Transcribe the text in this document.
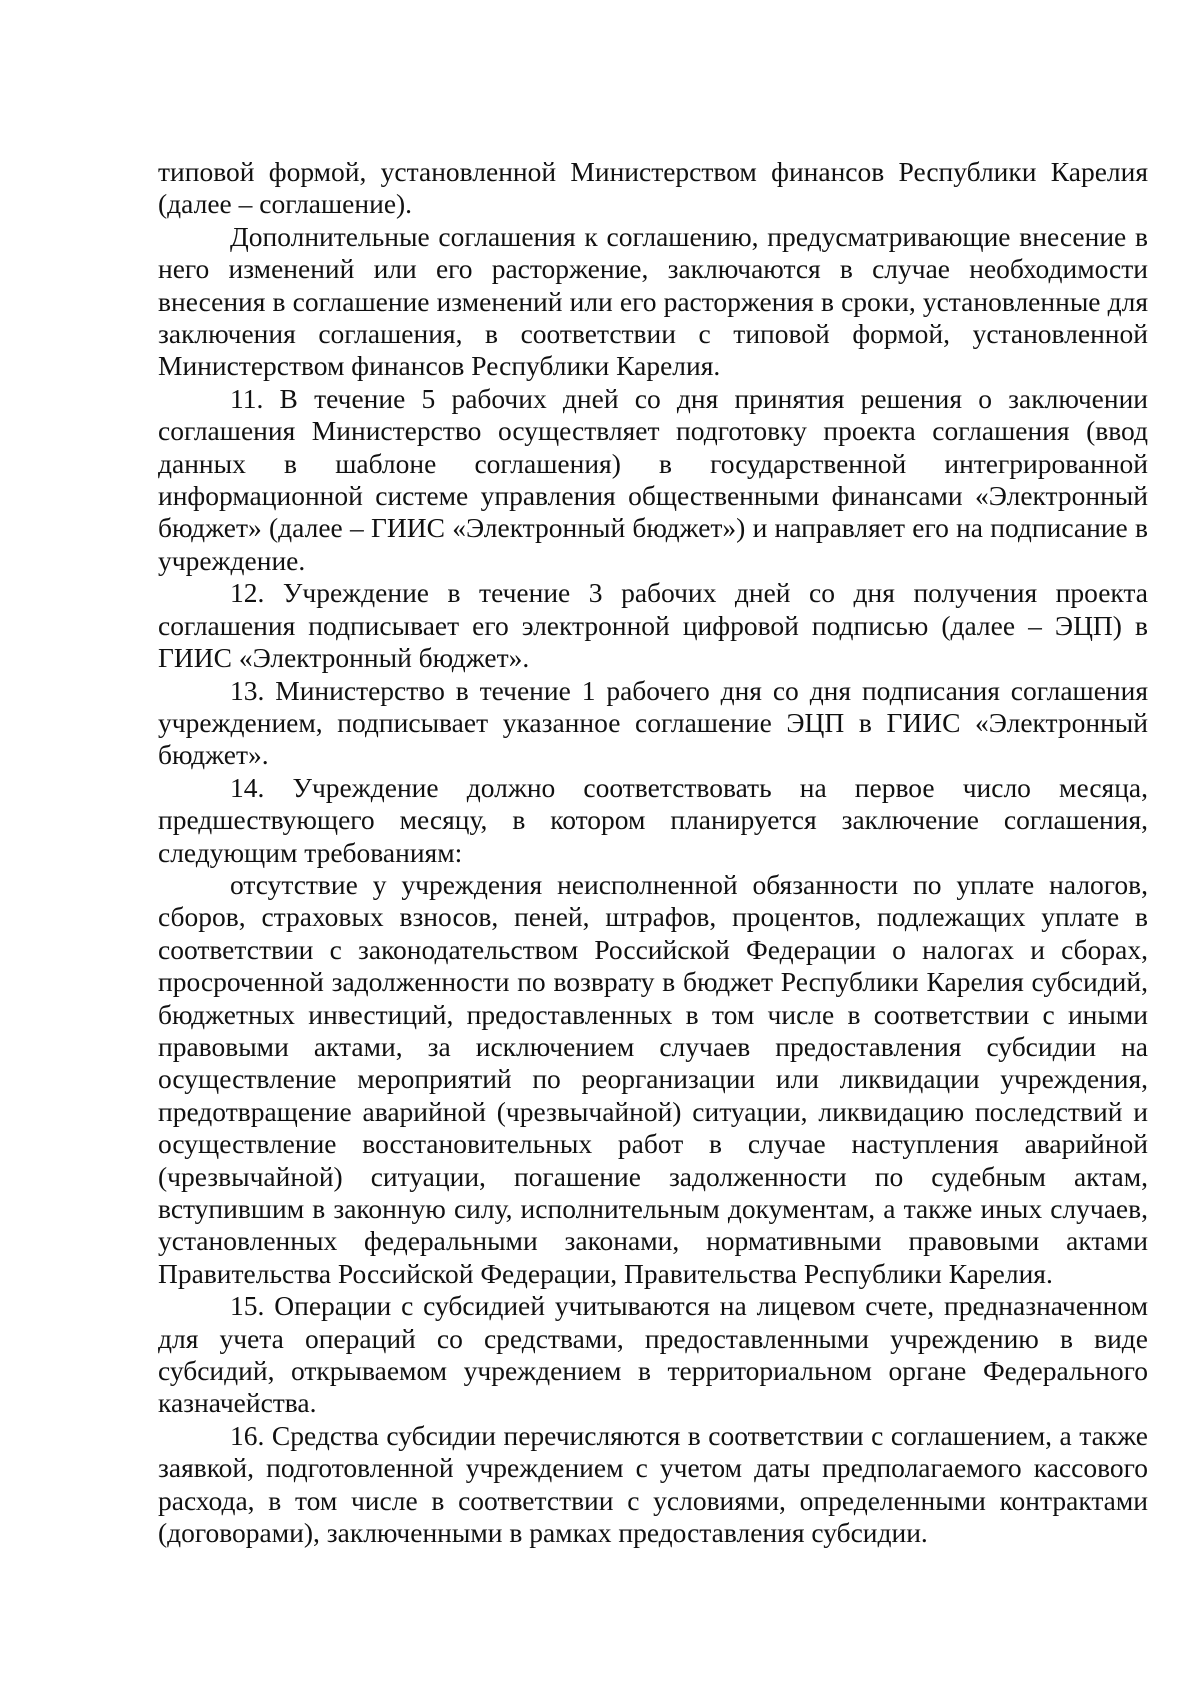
типовой формой, установленной Министерством финансов Республики Карелия (далее – соглашение).

Дополнительные соглашения к соглашению, предусматривающие внесение в него изменений или его расторжение, заключаются в случае необходимости внесения в соглашение изменений или его расторжения в сроки, установленные для заключения соглашения, в соответствии с типовой формой, установленной Министерством финансов Республики Карелия.

11. В течение 5 рабочих дней со дня принятия решения о заключении соглашения Министерство осуществляет подготовку проекта соглашения (ввод данных в шаблоне соглашения) в государственной интегрированной информационной системе управления общественными финансами «Электронный бюджет» (далее – ГИИС «Электронный бюджет») и направляет его на подписание в учреждение.

12. Учреждение в течение 3 рабочих дней со дня получения проекта соглашения подписывает его электронной цифровой подписью (далее – ЭЦП) в ГИИС «Электронный бюджет».

13. Министерство в течение 1 рабочего дня со дня подписания соглашения учреждением, подписывает указанное соглашение ЭЦП в ГИИС «Электронный бюджет».

14. Учреждение должно соответствовать на первое число месяца, предшествующего месяцу, в котором планируется заключение соглашения, следующим требованиям:

отсутствие у учреждения неисполненной обязанности по уплате налогов, сборов, страховых взносов, пеней, штрафов, процентов, подлежащих уплате в соответствии с законодательством Российской Федерации о налогах и сборах, просроченной задолженности по возврату в бюджет Республики Карелия субсидий, бюджетных инвестиций, предоставленных в том числе в соответствии с иными правовыми актами, за исключением случаев предоставления субсидии на осуществление мероприятий по реорганизации или ликвидации учреждения, предотвращение аварийной (чрезвычайной) ситуации, ликвидацию последствий и осуществление восстановительных работ в случае наступления аварийной (чрезвычайной) ситуации, погашение задолженности по судебным актам, вступившим в законную силу, исполнительным документам, а также иных случаев, установленных федеральными законами, нормативными правовыми актами Правительства Российской Федерации, Правительства Республики Карелия.

15. Операции с субсидией учитываются на лицевом счете, предназначенном для учета операций со средствами, предоставленными учреждению в виде субсидий, открываемом учреждением в территориальном органе Федерального казначейства.

16. Средства субсидии перечисляются в соответствии с соглашением, а также заявкой, подготовленной учреждением с учетом даты предполагаемого кассового расхода, в том числе в соответствии с условиями, определенными контрактами (договорами), заключенными в рамках предоставления субсидии.
